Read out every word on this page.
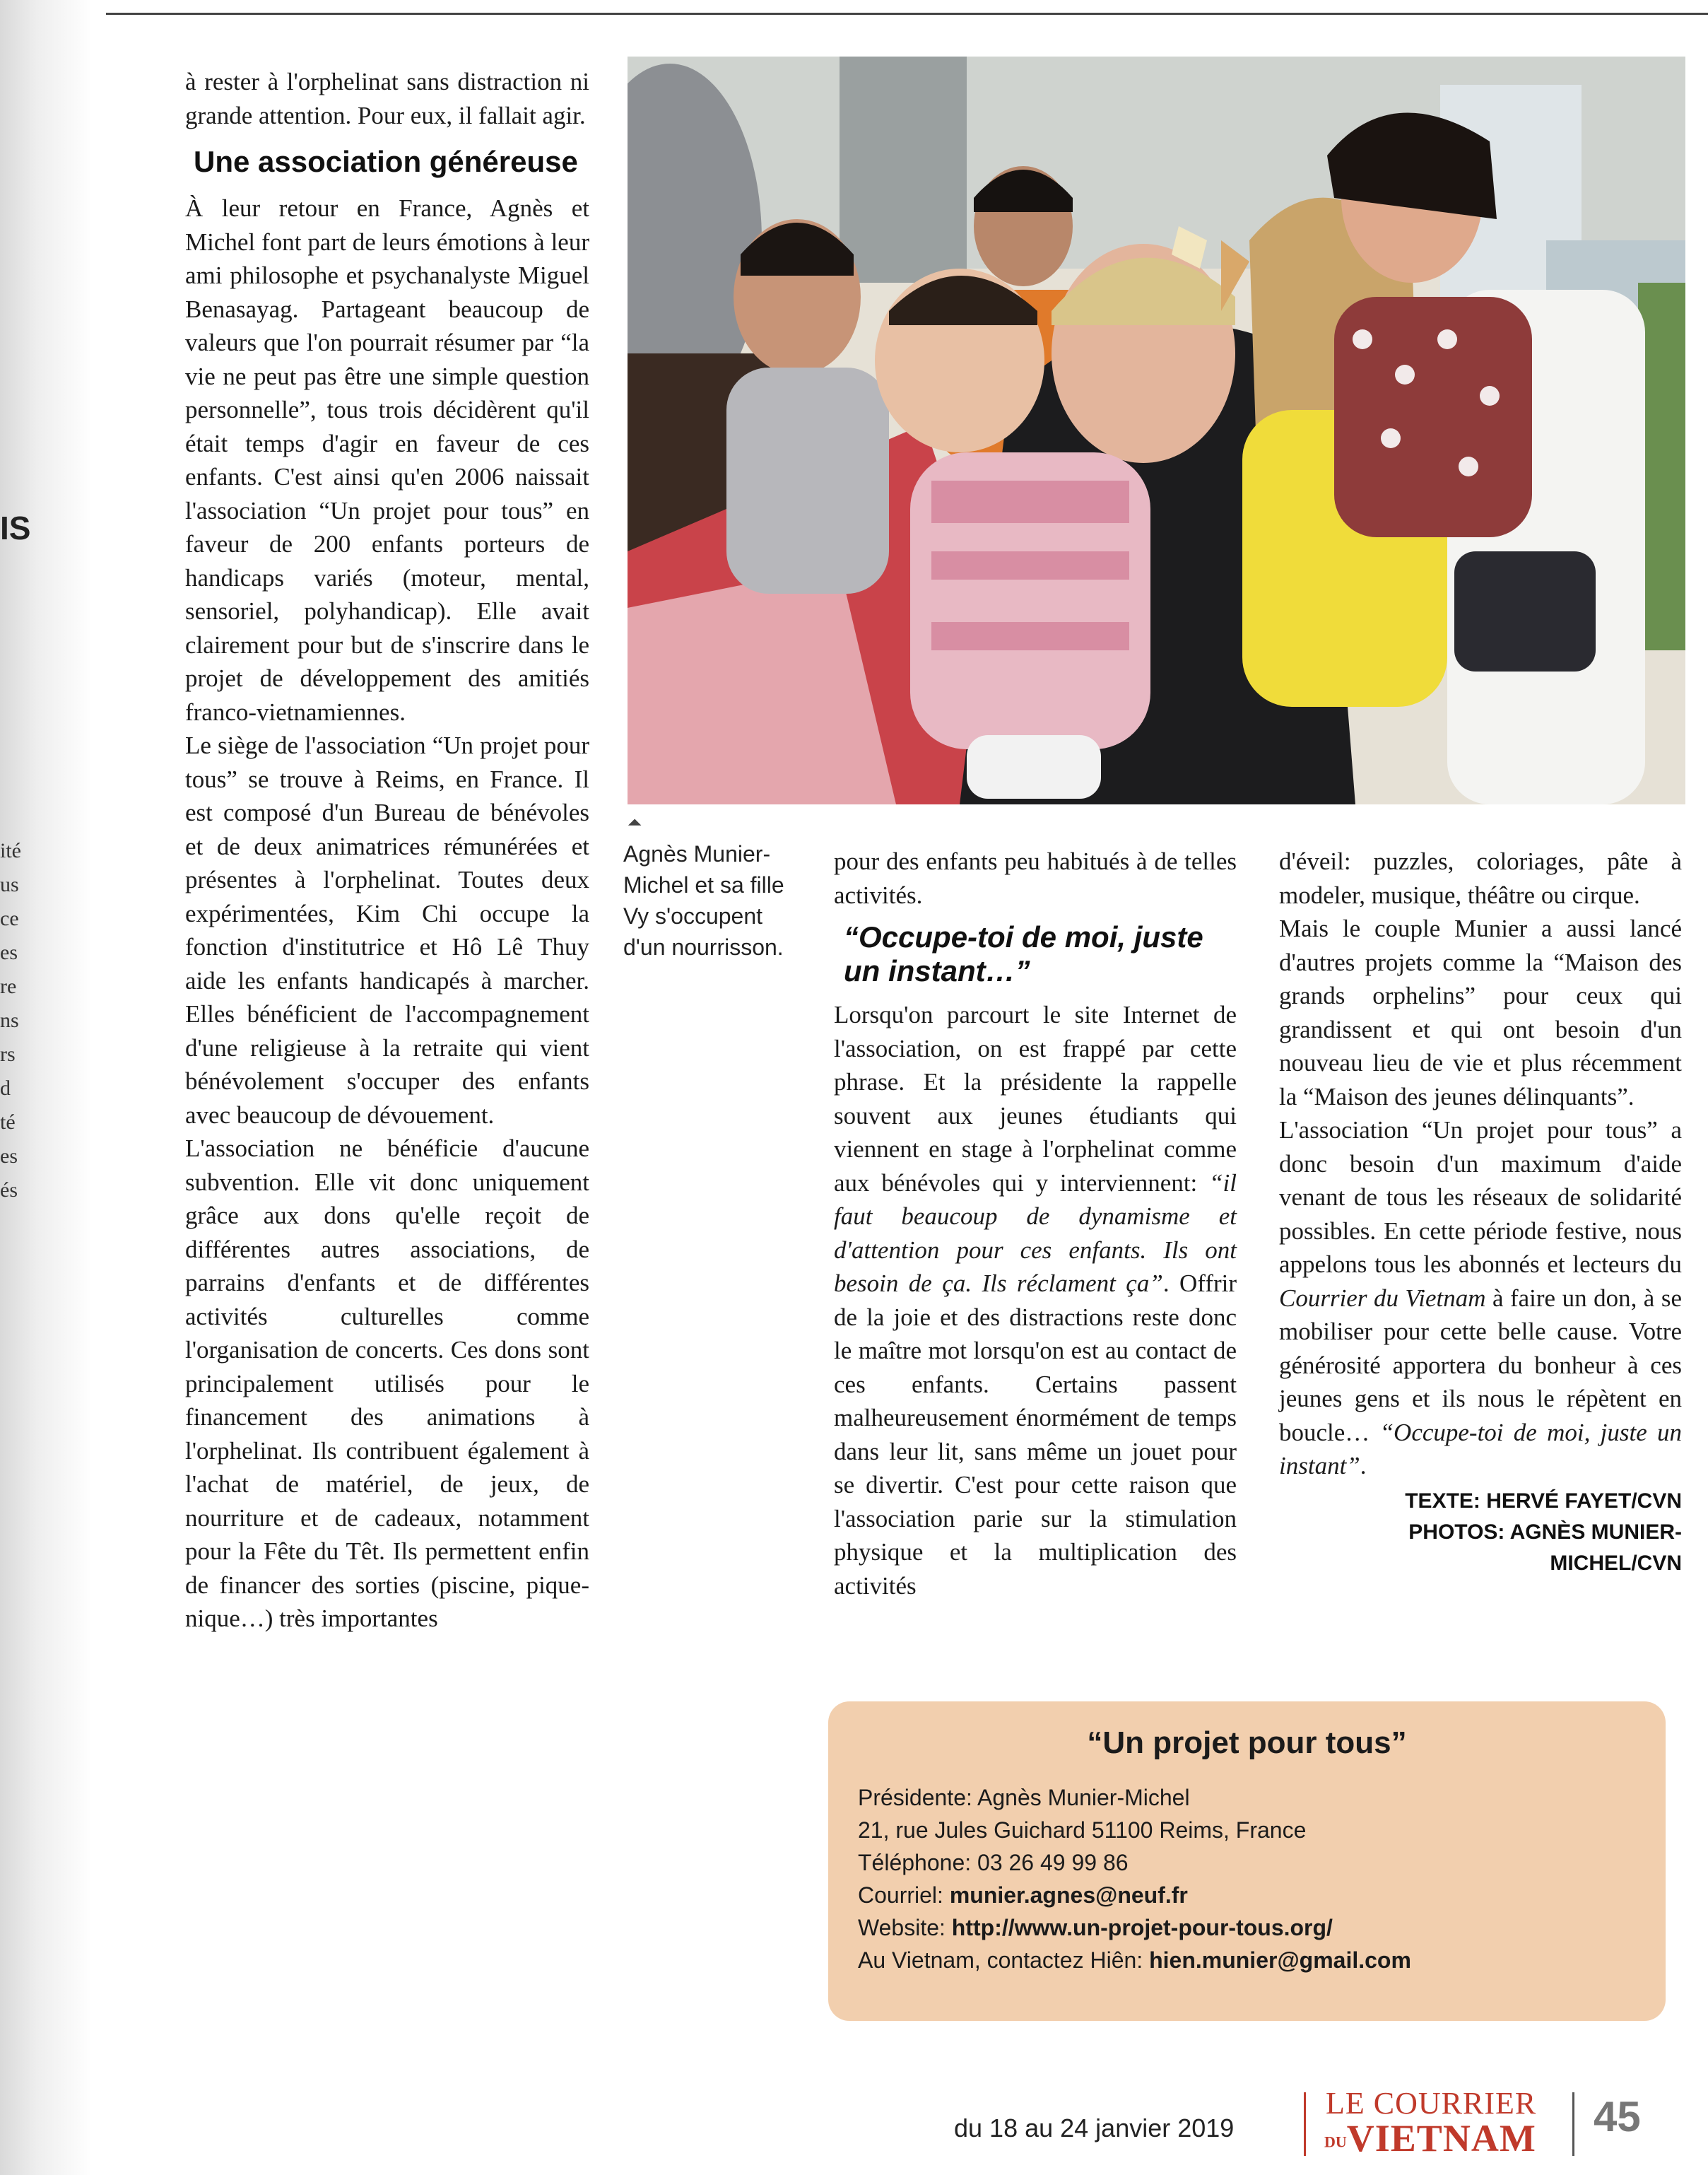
IS
ité
us
ce
es
re
ns
rs
d
té
es
és

à rester à l'orphelinat sans distraction ni grande attention. Pour eux, il fallait agir.

Une association généreuse

À leur retour en France, Agnès et Michel font part de leurs émotions à leur ami philosophe et psychanalyste Miguel Benasayag. Partageant beaucoup de valeurs que l'on pourrait résumer par “la vie ne peut pas être une simple question personnelle”, tous trois décidèrent qu'il était temps d'agir en faveur de ces enfants. C'est ainsi qu'en 2006 naissait l'association “Un projet pour tous” en faveur de 200 enfants porteurs de handicaps variés (moteur, mental, sensoriel, polyhandicap). Elle avait clairement pour but de s'inscrire dans le projet de développement des amitiés franco-vietnamiennes.

Le siège de l'association “Un projet pour tous” se trouve à Reims, en France. Il est composé d'un Bureau de bénévoles et de deux animatrices rémunérées et présentes à l'orphelinat. Toutes deux expérimentées, Kim Chi occupe la fonction d'institutrice et Hô Lê Thuy aide les enfants handicapés à marcher. Elles bénéficient de l'accompagnement d'une religieuse à la retraite qui vient bénévolement s'occuper des enfants avec beaucoup de dévouement.

L'association ne bénéficie d'aucune subvention. Elle vit donc uniquement grâce aux dons qu'elle reçoit de différentes autres associations, de parrains d'enfants et de différentes activités culturelles comme l'organisation de concerts. Ces dons sont principalement utilisés pour le financement des animations à l'orphelinat. Ils contribuent également à l'achat de matériel, de jeux, de nourriture et de cadeaux, notamment pour la Fête du Têt. Ils permettent enfin de financer des sorties (piscine, pique-nique…) très importantes

⏶
Agnès Munier-
Michel et sa fille
Vy s'occupent
d'un nourrisson.

pour des enfants peu habitués à de telles activités.

“Occupe-toi de moi, juste un instant…”

Lorsqu'on parcourt le site Internet de l'association, on est frappé par cette phrase. Et la présidente la rappelle souvent aux jeunes étudiants qui viennent en stage à l'orphelinat comme aux bénévoles qui y interviennent: “il faut beaucoup de dynamisme et d'attention pour ces enfants. Ils ont besoin de ça. Ils réclament ça”. Offrir de la joie et des distractions reste donc le maître mot lorsqu'on est au contact de ces enfants. Certains passent malheureusement énormément de temps dans leur lit, sans même un jouet pour se divertir. C'est pour cette raison que l'association parie sur la stimulation physique et la multiplication des activités

d'éveil: puzzles, coloriages, pâte à modeler, musique, théâtre ou cirque.

Mais le couple Munier a aussi lancé d'autres projets comme la “Maison des grands orphelins” pour ceux qui grandissent et qui ont besoin d'un nouveau lieu de vie et plus récemment la “Maison des jeunes délinquants”.

L'association “Un projet pour tous” a donc besoin d'un maximum d'aide venant de tous les réseaux de solidarité possibles. En cette période festive, nous appelons tous les abonnés et lecteurs du Courrier du Vietnam à faire un don, à se mobiliser pour cette belle cause. Votre générosité apportera du bonheur à ces jeunes gens et ils nous le répètent en boucle… “Occupe-toi de moi, juste un instant”.

TEXTE: HERVÉ FAYET/CVN
PHOTOS: AGNÈS MUNIER-MICHEL/CVN
“Un projet pour tous”
Présidente: Agnès Munier-Michel
21, rue Jules Guichard 51100 Reims, France
Téléphone: 03 26 49 99 86
Courriel: munier.agnes@neuf.fr
Website: http://www.un-projet-pour-tous.org/
Au Vietnam, contactez Hiên: hien.munier@gmail.com
du 18 au 24 janvier 2019
LE COURRIER
DUVIETNAM 45
